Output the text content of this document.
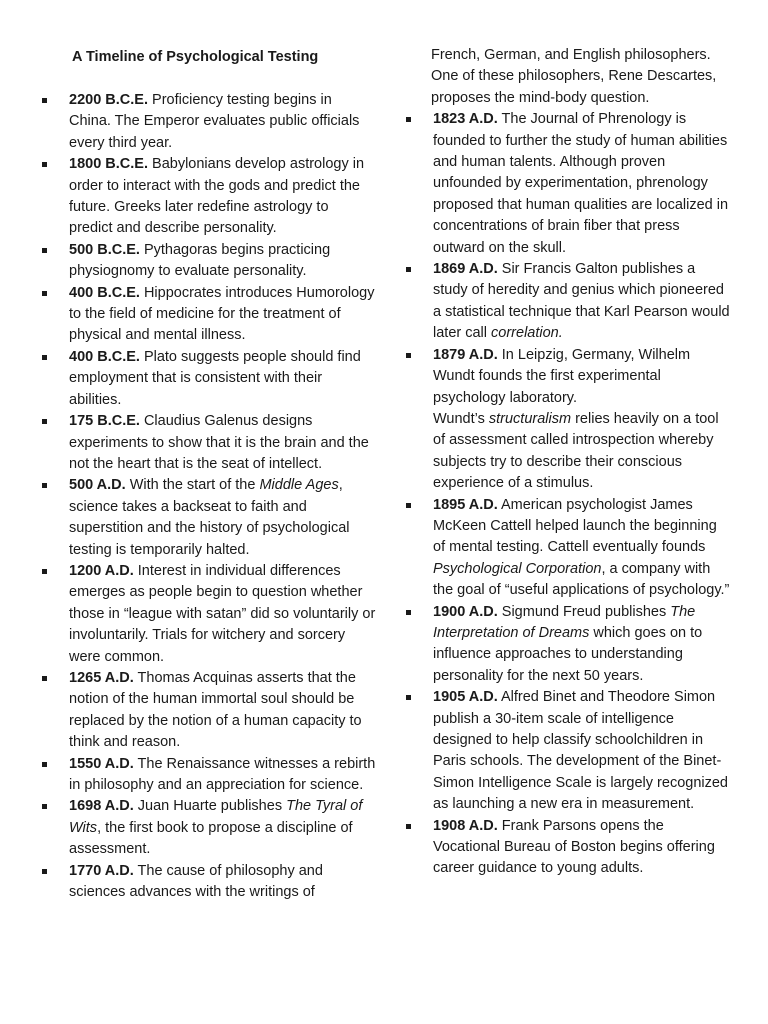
A Timeline of Psychological Testing
2200 B.C.E. Proficiency testing begins in China. The Emperor evaluates public officials every third year.
1800 B.C.E. Babylonians develop astrology in order to interact with the gods and predict the future. Greeks later redefine astrology to predict and describe personality.
500 B.C.E. Pythagoras begins practicing physiognomy to evaluate personality.
400 B.C.E. Hippocrates introduces Humorology to the field of medicine for the treatment of physical and mental illness.
400 B.C.E. Plato suggests people should find employment that is consistent with their abilities.
175 B.C.E. Claudius Galenus designs experiments to show that it is the brain and the not the heart that is the seat of intellect.
500 A.D. With the start of the Middle Ages, science takes a backseat to faith and superstition and the history of psychological testing is temporarily halted.
1200 A.D. Interest in individual differences emerges as people begin to question whether those in “league with satan” did so voluntarily or involuntarily. Trials for witchery and sorcery were common.
1265 A.D. Thomas Acquinas asserts that the notion of the human immortal soul should be replaced by the notion of a human capacity to think and reason.
1550 A.D. The Renaissance witnesses a rebirth in philosophy and an appreciation for science.
1698 A.D. Juan Huarte publishes The Tyral of Wits, the first book to propose a discipline of assessment.
1770 A.D. The cause of philosophy and sciences advances with the writings of
French, German, and English philosophers. One of these philosophers, Rene Descartes, proposes the mind-body question.
1823 A.D. The Journal of Phrenology is founded to further the study of human abilities and human talents. Although proven unfounded by experimentation, phrenology proposed that human qualities are localized in concentrations of brain fiber that press outward on the skull.
1869 A.D. Sir Francis Galton publishes a study of heredity and genius which pioneered a statistical technique that Karl Pearson would later call correlation.
1879 A.D. In Leipzig, Germany, Wilhelm Wundt founds the first experimental psychology laboratory.
Wundt’s structuralism relies heavily on a tool of assessment called introspection whereby subjects try to describe their conscious experience of a stimulus.
1895 A.D. American psychologist James McKeen Cattell helped launch the beginning of mental testing. Cattell eventually founds Psychological Corporation, a company with the goal of “useful applications of psychology.”
1900 A.D. Sigmund Freud publishes The Interpretation of Dreams which goes on to influence approaches to understanding personality for the next 50 years.
1905 A.D. Alfred Binet and Theodore Simon publish a 30-item scale of intelligence designed to help classify schoolchildren in Paris schools. The development of the Binet-Simon Intelligence Scale is largely recognized as launching a new era in measurement.
1908 A.D. Frank Parsons opens the Vocational Bureau of Boston begins offering career guidance to young adults.
